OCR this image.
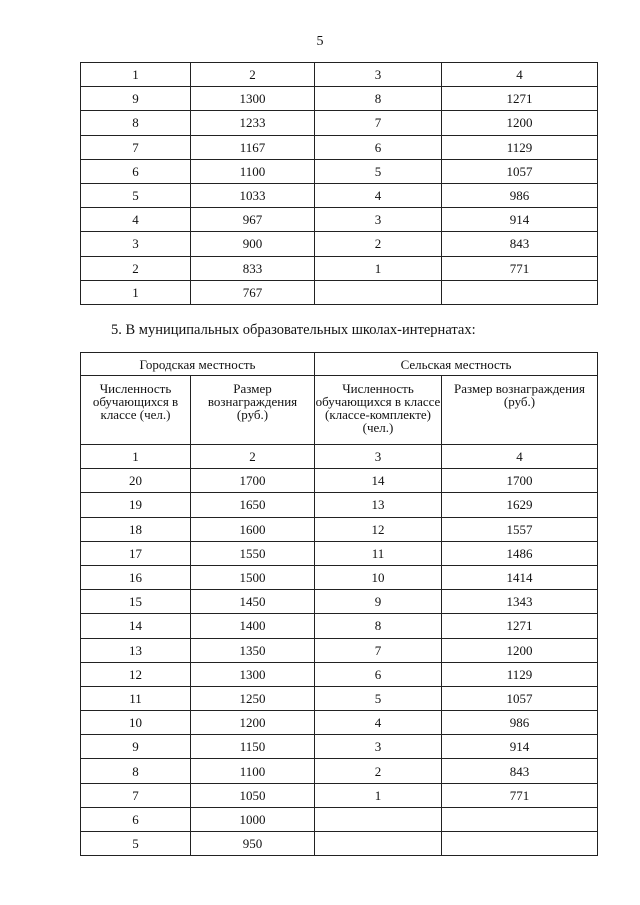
5
1	2	3	4
9	1300	8	1271
8	1233	7	1200
7	1167	6	1129
6	1100	5	1057
5	1033	4	986
4	967	3	914
3	900	2	843
2	833	1	771
1	767		
5. В муниципальных образовательных школах-интернатах:
Городская местность		Сельская местность	
Численность обучающихся в классе (чел.)	Размер вознаграждения (руб.)	Численность обучающихся в классе (классе-комплекте) (чел.)	Размер вознаграждения (руб.)
1	2	3	4
20	1700	14	1700
19	1650	13	1629
18	1600	12	1557
17	1550	11	1486
16	1500	10	1414
15	1450	9	1343
14	1400	8	1271
13	1350	7	1200
12	1300	6	1129
11	1250	5	1057
10	1200	4	986
9	1150	3	914
8	1100	2	843
7	1050	1	771
6	1000		
5	950		
